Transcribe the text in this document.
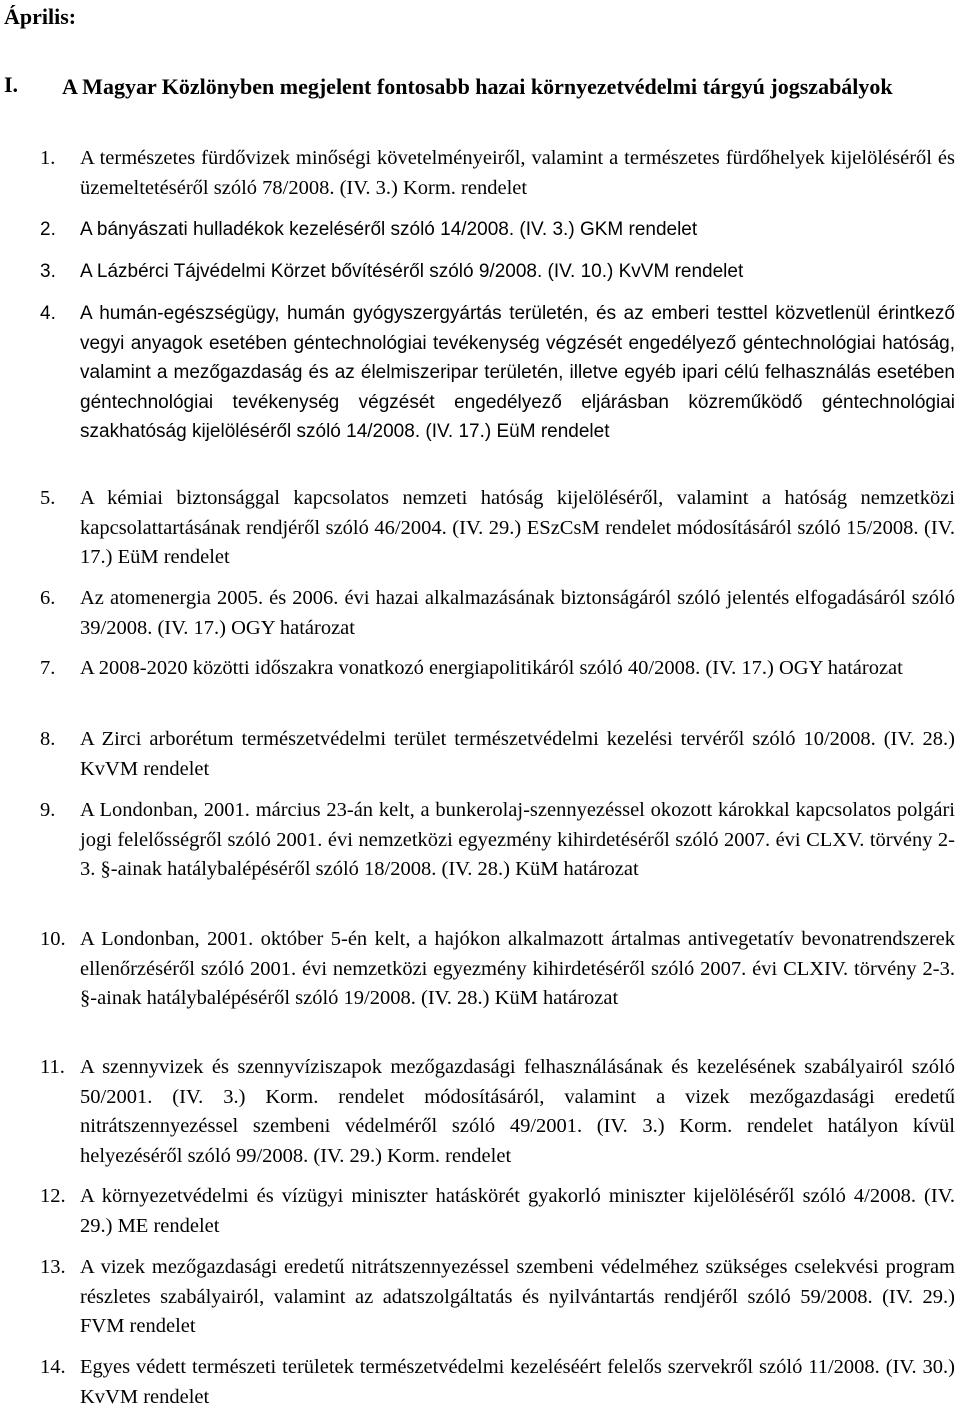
Április:
I. A Magyar Közlönyben megjelent fontosabb hazai környezetvédelmi tárgyú jogszabályok
1. A természetes fürdővizek minőségi követelményeiről, valamint a természetes fürdőhelyek kijelöléséről és üzemeltetéséről szóló 78/2008. (IV. 3.) Korm. rendelet
2. A bányászati hulladékok kezeléséről szóló 14/2008. (IV. 3.) GKM rendelet
3. A Lázbérci Tájvédelmi Körzet bővítéséről szóló 9/2008. (IV. 10.) KvVM rendelet
4. A humán-egészségügy, humán gyógyszergyártás területén, és az emberi testtel közvetlenül érintkező vegyi anyagok esetében géntechnológiai tevékenység végzését engedélyező géntechnológiai hatóság, valamint a mezőgazdaság és az élelmiszeripar területén, illetve egyéb ipari célú felhasználás esetében géntechnológiai tevékenység végzését engedélyező eljárásban közreműködő géntechnológiai szakhatóság kijelöléséről szóló 14/2008. (IV. 17.) EüM rendelet
5. A kémiai biztonsággal kapcsolatos nemzeti hatóság kijelöléséről, valamint a hatóság nemzetközi kapcsolattartásának rendjéről szóló 46/2004. (IV. 29.) ESzCsM rendelet módosításáról szóló 15/2008. (IV. 17.) EüM rendelet
6. Az atomenergia 2005. és 2006. évi hazai alkalmazásának biztonságáról szóló jelentés elfogadásáról szóló 39/2008. (IV. 17.) OGY határozat
7. A 2008-2020 közötti időszakra vonatkozó energiapolitikáról szóló 40/2008. (IV. 17.) OGY határozat
8. A Zirci arborétum természetvédelmi terület természetvédelmi kezelési tervéről szóló 10/2008. (IV. 28.) KvVM rendelet
9. A Londonban, 2001. március 23-án kelt, a bunkerolaj-szennyezéssel okozott károkkal kapcsolatos polgári jogi felelősségről szóló 2001. évi nemzetközi egyezmény kihirdetéséről szóló 2007. évi CLXV. törvény 2-3. §-ainak hatálybalépéséről szóló 18/2008. (IV. 28.) KüM határozat
10. A Londonban, 2001. október 5-én kelt, a hajókon alkalmazott ártalmas antivegetatív bevonatrendszerek ellenőrzéséről szóló 2001. évi nemzetközi egyezmény kihirdetéséről szóló 2007. évi CLXIV. törvény 2-3. §-ainak hatálybalépéséről szóló 19/2008. (IV. 28.) KüM határozat
11. A szennyvizek és szennyvíziszapok mezőgazdasági felhasználásának és kezelésének szabályairól szóló 50/2001. (IV. 3.) Korm. rendelet módosításáról, valamint a vizek mezőgazdasági eredetű nitrátszennyezéssel szembeni védelméről szóló 49/2001. (IV. 3.) Korm. rendelet hatályon kívül helyezéséről szóló 99/2008. (IV. 29.) Korm. rendelet
12. A környezetvédelmi és vízügyi miniszter hatáskörét gyakorló miniszter kijelöléséről szóló 4/2008. (IV. 29.) ME rendelet
13. A vizek mezőgazdasági eredetű nitrátszennyezéssel szembeni védelméhez szükséges cselekvési program részletes szabályairól, valamint az adatszolgáltatás és nyilvántartás rendjéről szóló 59/2008. (IV. 29.) FVM rendelet
14. Egyes védett természeti területek természetvédelmi kezeléséért felelős szervekről szóló 11/2008. (IV. 30.) KvVM rendelet
